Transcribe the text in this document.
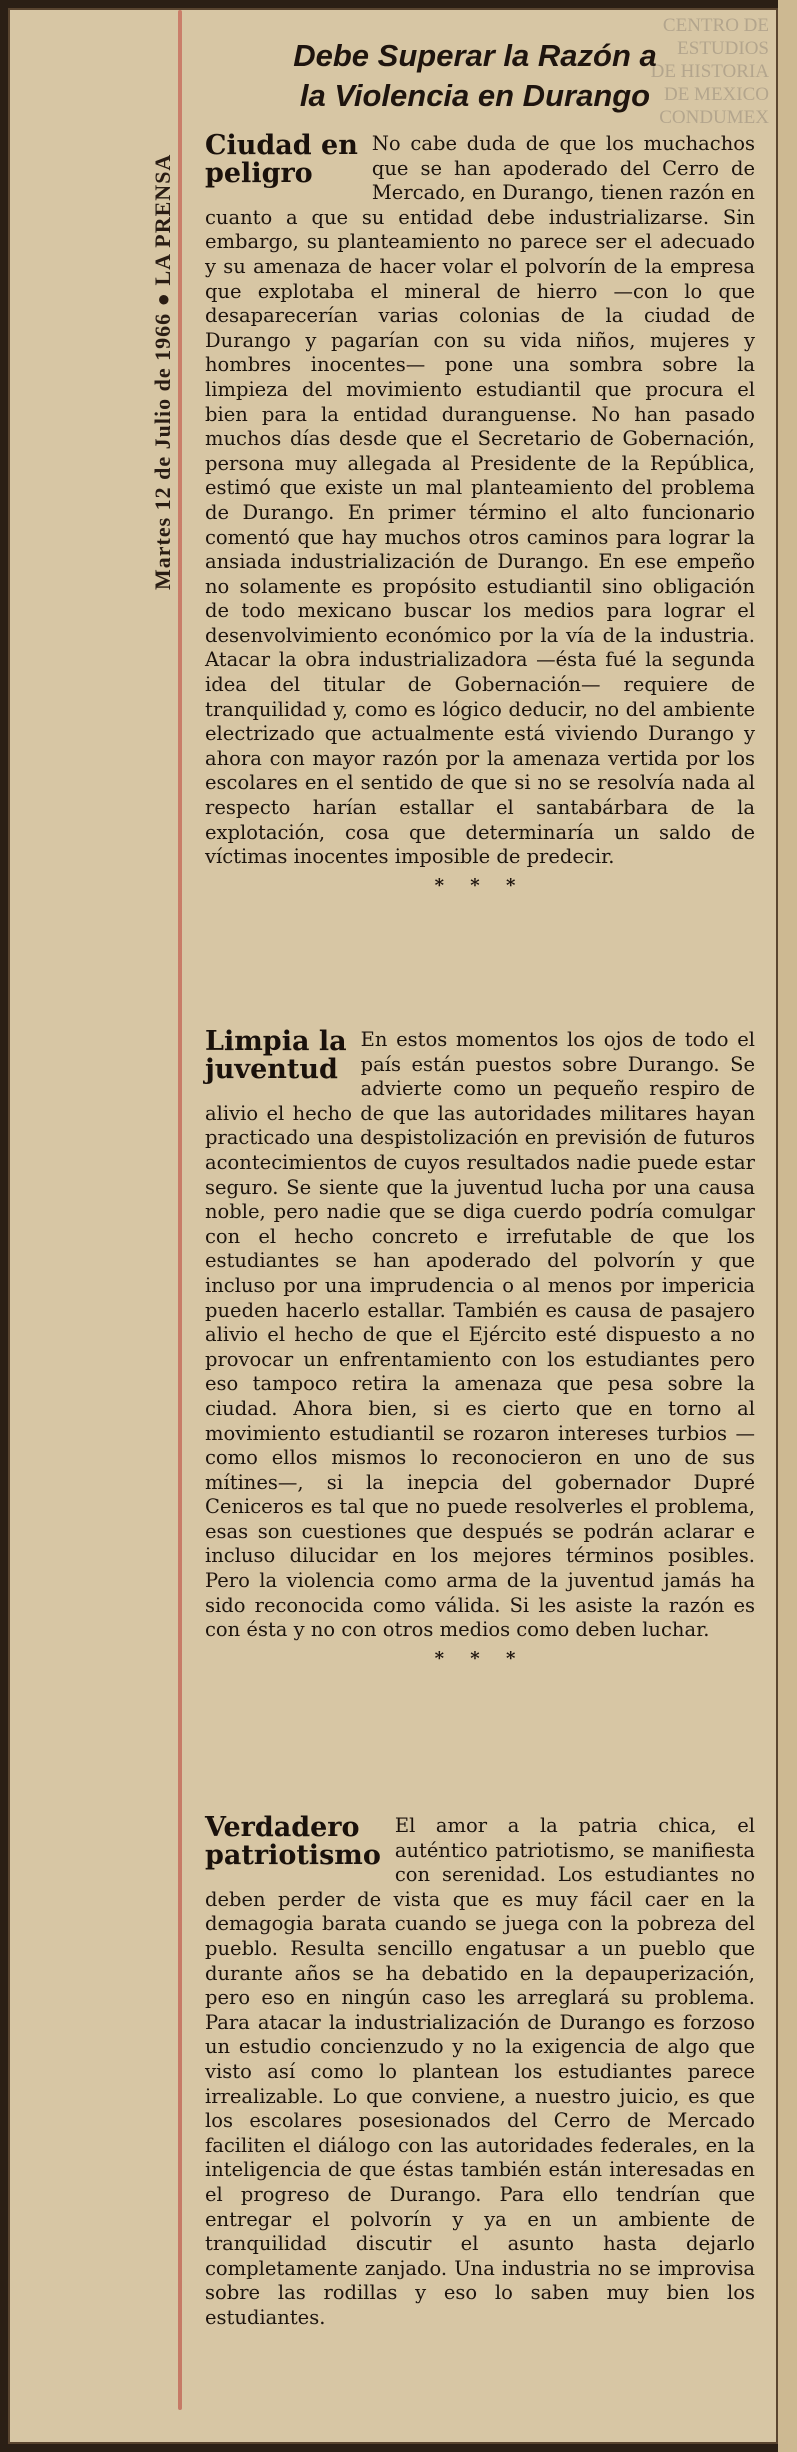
CENTRO DE
ESTUDIOS
DE HISTORIA
DE MEXICO
CONDUMEX
Martes 12 de Julio de 1966 ● LA PRENSA
Debe Superar la Razón a
la Violencia en Durango
Ciudad en
peligro

No cabe duda de que los muchachos que se han apoderado del Cerro de Mercado, en Durango, tienen razón en cuanto a que su entidad debe industrializarse. Sin embargo, su planteamiento no parece ser el adecuado y su amenaza de hacer volar el polvorín de la empresa que explotaba el mineral de hierro —con lo que desaparecerían varias colonias de la ciudad de Durango y pagarían con su vida niños, mujeres y hombres inocentes— pone una sombra sobre la limpieza del movimiento estudiantil que procura el bien para la entidad duranguense. No han pasado muchos días desde que el Secretario de Gobernación, persona muy allegada al Presidente de la República, estimó que existe un mal planteamiento del problema de Durango. En primer término el alto funcionario comentó que hay muchos otros caminos para lograr la ansiada industrialización de Durango. En ese empeño no solamente es propósito estudiantil sino obligación de todo mexicano buscar los medios para lograr el desenvolvimiento económico por la vía de la industria. Atacar la obra industrializadora —ésta fué la segunda idea del titular de Gobernación— requiere de tranquilidad y, como es lógico deducir, no del ambiente electrizado que actualmente está viviendo Durango y ahora con mayor razón por la amenaza vertida por los escolares en el sentido de que si no se resolvía nada al respecto harían estallar el santabárbara de la explotación, cosa que determinaría un saldo de víctimas inocentes imposible de predecir.

* * *
Limpia la
juventud

En estos momentos los ojos de todo el país están puestos sobre Durango. Se advierte como un pequeño respiro de alivio el hecho de que las autoridades militares hayan practicado una despistolización en previsión de futuros acontecimientos de cuyos resultados nadie puede estar seguro. Se siente que la juventud lucha por una causa noble, pero nadie que se diga cuerdo podría comulgar con el hecho concreto e irrefutable de que los estudiantes se han apoderado del polvorín y que incluso por una imprudencia o al menos por impericia pueden hacerlo estallar. También es causa de pasajero alivio el hecho de que el Ejército esté dispuesto a no provocar un enfrentamiento con los estudiantes pero eso tampoco retira la amenaza que pesa sobre la ciudad. Ahora bien, si es cierto que en torno al movimiento estudiantil se rozaron intereses turbios —como ellos mismos lo reconocieron en uno de sus mítines—, si la inepcia del gobernador Dupré Ceniceros es tal que no puede resolverles el problema, esas son cuestiones que después se podrán aclarar e incluso dilucidar en los mejores términos posibles. Pero la violencia como arma de la juventud jamás ha sido reconocida como válida. Si les asiste la razón es con ésta y no con otros medios como deben luchar.

* * *
Verdadero
patriotismo

El amor a la patria chica, el auténtico patriotismo, se manifiesta con serenidad. Los estudiantes no deben perder de vista que es muy fácil caer en la demagogia barata cuando se juega con la pobreza del pueblo. Resulta sencillo engatusar a un pueblo que durante años se ha debatido en la depauperización, pero eso en ningún caso les arreglará su problema. Para atacar la industrialización de Durango es forzoso un estudio concienzudo y no la exigencia de algo que visto así como lo plantean los estudiantes parece irrealizable. Lo que conviene, a nuestro juicio, es que los escolares posesionados del Cerro de Mercado faciliten el diálogo con las autoridades federales, en la inteligencia de que éstas también están interesadas en el progreso de Durango. Para ello tendrían que entregar el polvorín y ya en un ambiente de tranquilidad discutir el asunto hasta dejarlo completamente zanjado. Una industria no se improvisa sobre las rodillas y eso lo saben muy bien los estudiantes.
